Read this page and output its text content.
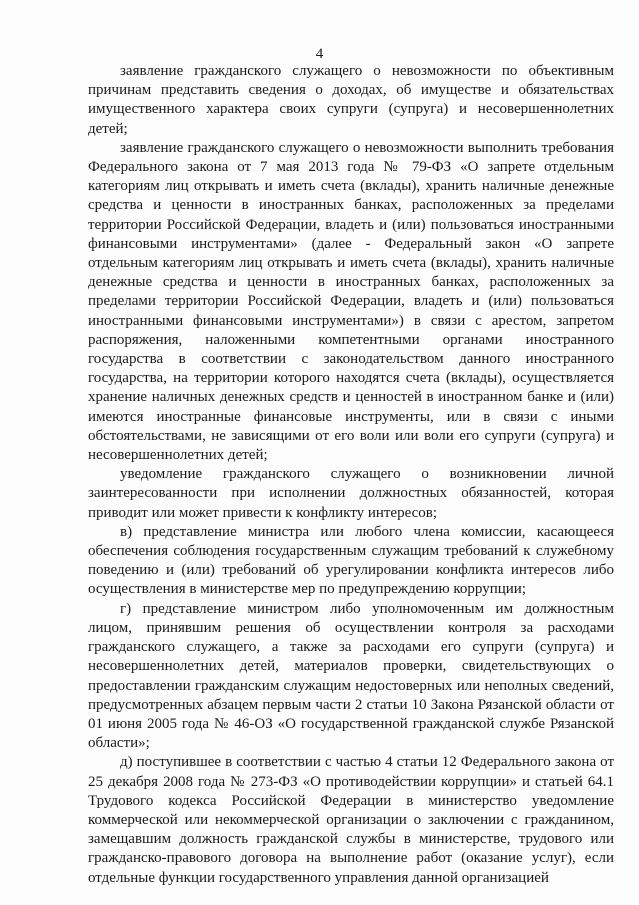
4

заявление гражданского служащего о невозможности по объективным причинам представить сведения о доходах, об имуществе и обязательствах имущественного характера своих супруги (супруга) и несовершеннолетних детей;

заявление гражданского служащего о невозможности выполнить требования Федерального закона от 7 мая 2013 года № 79-ФЗ «О запрете отдельным категориям лиц открывать и иметь счета (вклады), хранить наличные денежные средства и ценности в иностранных банках, расположенных за пределами территории Российской Федерации, владеть и (или) пользоваться иностранными финансовыми инструментами» (далее - Федеральный закон «О запрете отдельным категориям лиц открывать и иметь счета (вклады), хранить наличные денежные средства и ценности в иностранных банках, расположенных за пределами территории Российской Федерации, владеть и (или) пользоваться иностранными финансовыми инструментами») в связи с арестом, запретом распоряжения, наложенными компетентными органами иностранного государства в соответствии с законодательством данного иностранного государства, на территории которого находятся счета (вклады), осуществляется хранение наличных денежных средств и ценностей в иностранном банке и (или) имеются иностранные финансовые инструменты, или в связи с иными обстоятельствами, не зависящими от его воли или воли его супруги (супруга) и несовершеннолетних детей;

уведомление гражданского служащего о возникновении личной заинтересованности при исполнении должностных обязанностей, которая приводит или может привести к конфликту интересов;

в) представление министра или любого члена комиссии, касающееся обеспечения соблюдения государственным служащим требований к служебному поведению и (или) требований об урегулировании конфликта интересов либо осуществления в министерстве мер по предупреждению коррупции;

г) представление министром либо уполномоченным им должностным лицом, принявшим решения об осуществлении контроля за расходами гражданского служащего, а также за расходами его супруги (супруга) и несовершеннолетних детей, материалов проверки, свидетельствующих о предоставлении гражданским служащим недостоверных или неполных сведений, предусмотренных абзацем первым части 2 статьи 10 Закона Рязанской области от 01 июня 2005 года № 46-ОЗ «О государственной гражданской службе Рязанской области»;

д) поступившее в соответствии с частью 4 статьи 12 Федерального закона от 25 декабря 2008 года № 273-ФЗ «О противодействии коррупции» и статьей 64.1 Трудового кодекса Российской Федерации в министерство уведомление коммерческой или некоммерческой организации о заключении с гражданином, замещавшим должность гражданской службы в министерстве, трудового или гражданско-правового договора на выполнение работ (оказание услуг), если отдельные функции государственного управления данной организацией
